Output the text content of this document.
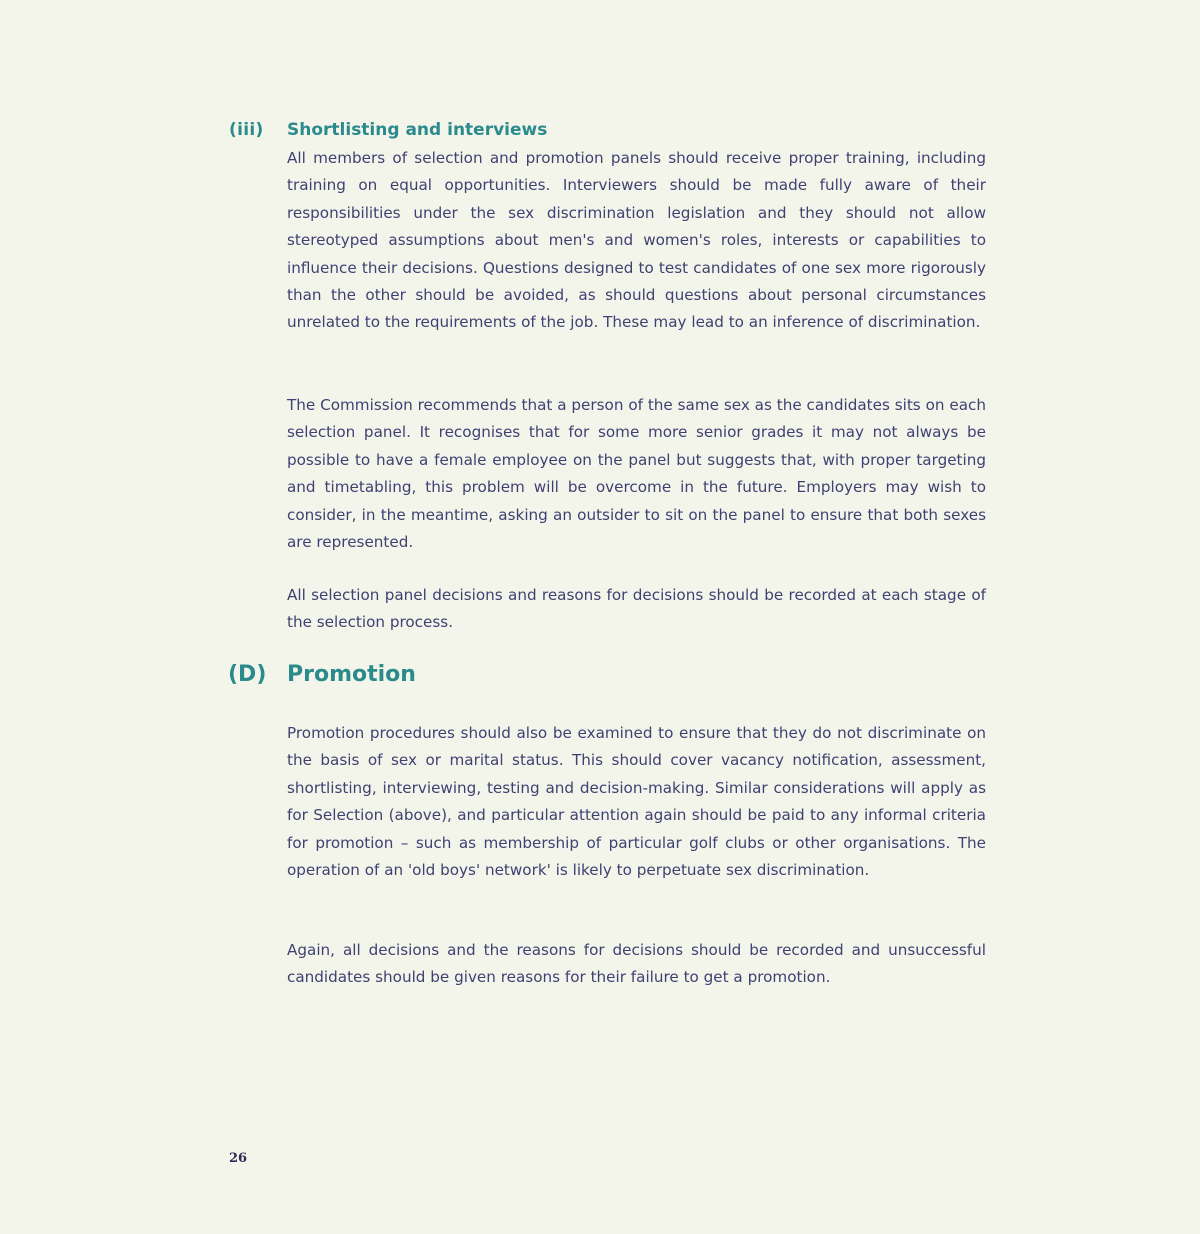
(iii) Shortlisting and interviews

All members of selection and promotion panels should receive proper training, including training on equal opportunities. Interviewers should be made fully aware of their responsibilities under the sex discrimination legislation and they should not allow stereotyped assumptions about men's and women's roles, interests or capabilities to influence their decisions. Questions designed to test candidates of one sex more rigorously than the other should be avoided, as should questions about personal circumstances unrelated to the requirements of the job. These may lead to an inference of discrimination.

The Commission recommends that a person of the same sex as the candidates sits on each selection panel. It recognises that for some more senior grades it may not always be possible to have a female employee on the panel but suggests that, with proper targeting and timetabling, this problem will be overcome in the future. Employers may wish to consider, in the meantime, asking an outsider to sit on the panel to ensure that both sexes are represented.

All selection panel decisions and reasons for decisions should be recorded at each stage of the selection process.

(D) Promotion

Promotion procedures should also be examined to ensure that they do not discriminate on the basis of sex or marital status. This should cover vacancy notification, assessment, shortlisting, interviewing, testing and decision-making. Similar considerations will apply as for Selection (above), and particular attention again should be paid to any informal criteria for promotion – such as membership of particular golf clubs or other organisations. The operation of an 'old boys' network' is likely to perpetuate sex discrimination.

Again, all decisions and the reasons for decisions should be recorded and unsuccessful candidates should be given reasons for their failure to get a promotion.

26
